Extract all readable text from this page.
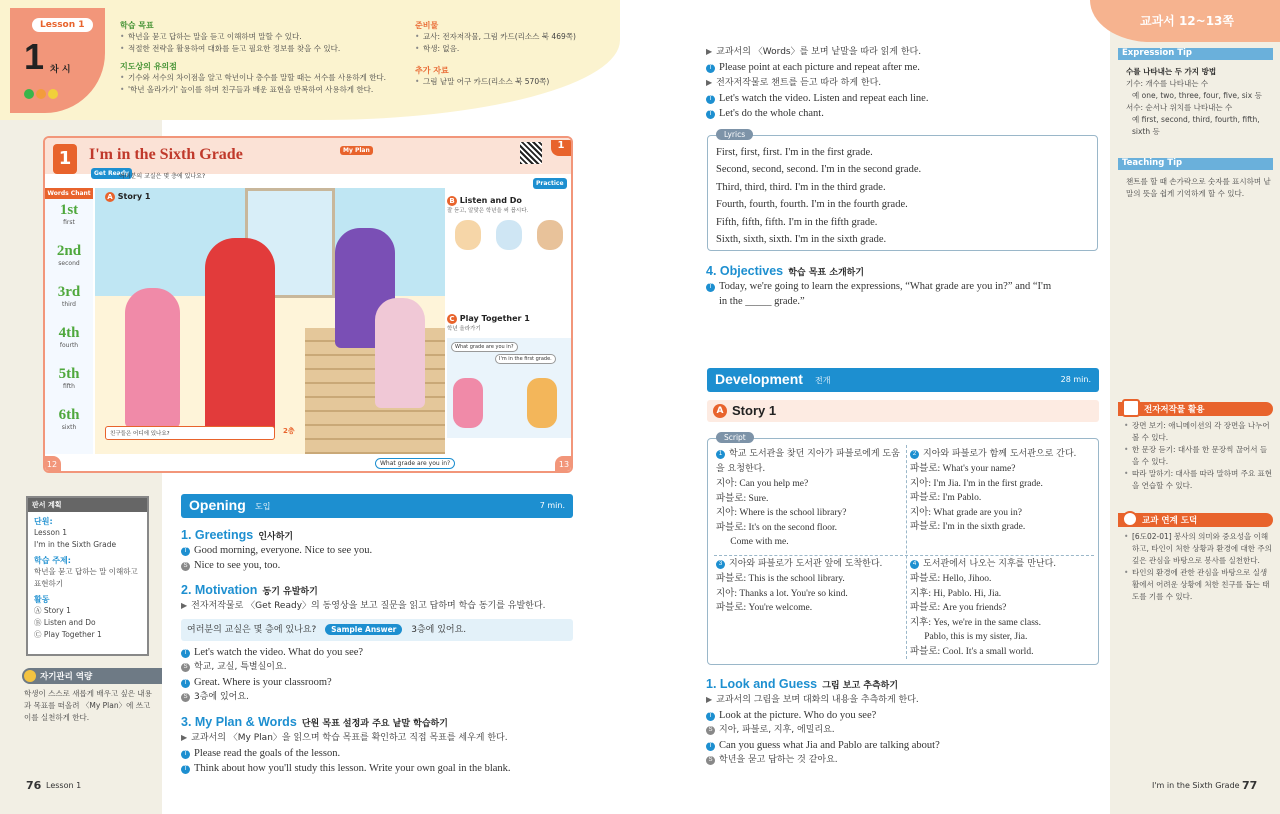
교과서 12~13쪽
Lesson 1
1 차 시
학습 목표
• 학년을 묻고 답하는 말을 듣고 이해하며 말할 수 있다.
• 적절한 전략을 활용하여 대화를 듣고 필요한 정보를 찾을 수 있다.
지도상의 유의점
• 기수와 서수의 차이점을 알고 학년이나 층수를 말할 때는 서수를 사용하게 한다.
• '학년 올라가기' 놀이를 하며 친구들과 배운 표현을 반복하여 사용하게 한다.
준비물
• 교사: 전자저작물, 그림 카드(리소스 북 469쪽)
• 학생: 없음.
추가 자료
• 그림 낱말 어구 카드(리소스 북 570쪽)
1	I'm in the Sixth Grade	My Plan	1
Practice
Get Ready
여러분의 교실은 몇 층에 있나요?
Words Chant
1st
first
2nd
second
3rd
third
4th
fourth
5th
fifth
6th
sixth
A Story 1
친구들은 어디에 있나요?	2층
B Listen and Do
잘 듣고, 알맞은 학년을 써 봅시다.
C Play Together 1
학년 올라가기
What grade are you in?
I'm in the first grade.
What grade are you in?
12	13
판서 계획
단원:
Lesson 1
I'm in the Sixth Grade
학습 주제:
학년을 묻고 답하는 말 이해하고 표현하기
활동
Ⓐ Story 1
Ⓑ Listen and Do
Ⓒ Play Together 1
자기관리 역량
학생이 스스로 새롭게 배우고 싶은 내용과 목표를 떠올려 〈My Plan〉에 쓰고이를 실천하게 한다.
Opening 도입	7 min.
1. Greetings 인사하기
T Good morning, everyone. Nice to see you.
S Nice to see you, too.
2. Motivation 동기 유발하기
▶ 전자저작물로 〈Get Ready〉의 동영상을 보고 질문을 읽고 답하며 학습 동기를 유발한다.
여러분의 교실은 몇 층에 있나요? Sample Answer 3층에 있어요.
T Let's watch the video. What do you see?
S 학교, 교실, 특별실이요.
T Great. Where is your classroom?
S 3층에 있어요.
3. My Plan & Words 단원 목표 설정과 주요 낱말 학습하기
▶ 교과서의 〈My Plan〉을 읽으며 학습 목표를 확인하고 직접 목표를 세우게 한다.
T Please read the goals of the lesson.
T Think about how you'll study this lesson. Write your own goal in the blank.
76 Lesson 1
▶ 교과서의 〈Words〉를 보며 낱말을 따라 읽게 한다.
T Please point at each picture and repeat after me.
▶ 전자저작물로 챈트를 듣고 따라 하게 한다.
T Let's watch the video. Listen and repeat each line.
T Let's do the whole chant.
Lyrics
First, first, first. I'm in the first grade.
Second, second, second. I'm in the second grade.
Third, third, third. I'm in the third grade.
Fourth, fourth, fourth. I'm in the fourth grade.
Fifth, fifth, fifth. I'm in the fifth grade.
Sixth, sixth, sixth. I'm in the sixth grade.
4. Objectives 학습 목표 소개하기
T Today, we're going to learn the expressions, “What grade are you in?” and “I'm
in the _____ grade.”
Development 전개	28 min.
A Story 1
Script
1 학교 도서관을 찾던 지아가 파블로에게 도움을 요청한다.
지아: Can you help me?
파블로: Sure.
지아: Where is the school library?
파블로: It's on the second floor.
Come with me.
2 지아와 파블로가 함께 도서관으로 간다.
파블로: What's your name?
지아: I'm Jia. I'm in the first grade.
파블로: I'm Pablo.
지아: What grade are you in?
파블로: I'm in the sixth grade.
3 지아와 파블로가 도서관 앞에 도착한다.
파블로: This is the school library.
지아: Thanks a lot. You're so kind.
파블로: You're welcome.
4 도서관에서 나오는 지후를 만난다.
파블로: Hello, Jihoo.
지후: Hi, Pablo. Hi, Jia.
파블로: Are you friends?
지후: Yes, we're in the same class.
Pablo, this is my sister, Jia.
파블로: Cool. It's a small world.
1. Look and Guess 그림 보고 추측하기
▶ 교과서의 그림을 보며 대화의 내용을 추측하게 한다.
T Look at the picture. Who do you see?
S 지아, 파블로, 지후, 에밀리요.
T Can you guess what Jia and Pablo are talking about?
S 학년을 묻고 답하는 것 같아요.
I'm in the Sixth Grade 77
Expression Tip
수를 나타내는 두 가지 방법
기수: 개수를 나타내는 수
예 one, two, three, four, five, six 등
서수: 순서나 위치를 나타내는 수
예 first, second, third, fourth, fifth, sixth 등
Teaching Tip
챈트를 할 때 손가락으로 숫자를 표시하며 낱말의 뜻을 쉽게 기억하게 할 수 있다.
전자저작물 활용
• 장면 보기: 애니메이션의 각 장면을 나누어 볼 수 있다.
• 한 문장 듣기: 대사를 한 문장씩 끊어서 들을 수 있다.
• 따라 말하기: 대사를 따라 말하며 주요 표현을 연습할 수 있다.
교과 연계 도덕
• [6도02-01] 봉사의 의미와 중요성을 이해하고, 타인이 처한 상황과 환경에 대한 주의 깊은 관심을 바탕으로 봉사를 실천한다.
• 타인의 환경에 관한 관심을 바탕으로 실생활에서 어려운 상황에 처한 친구를 돕는 태도를 기를 수 있다.
